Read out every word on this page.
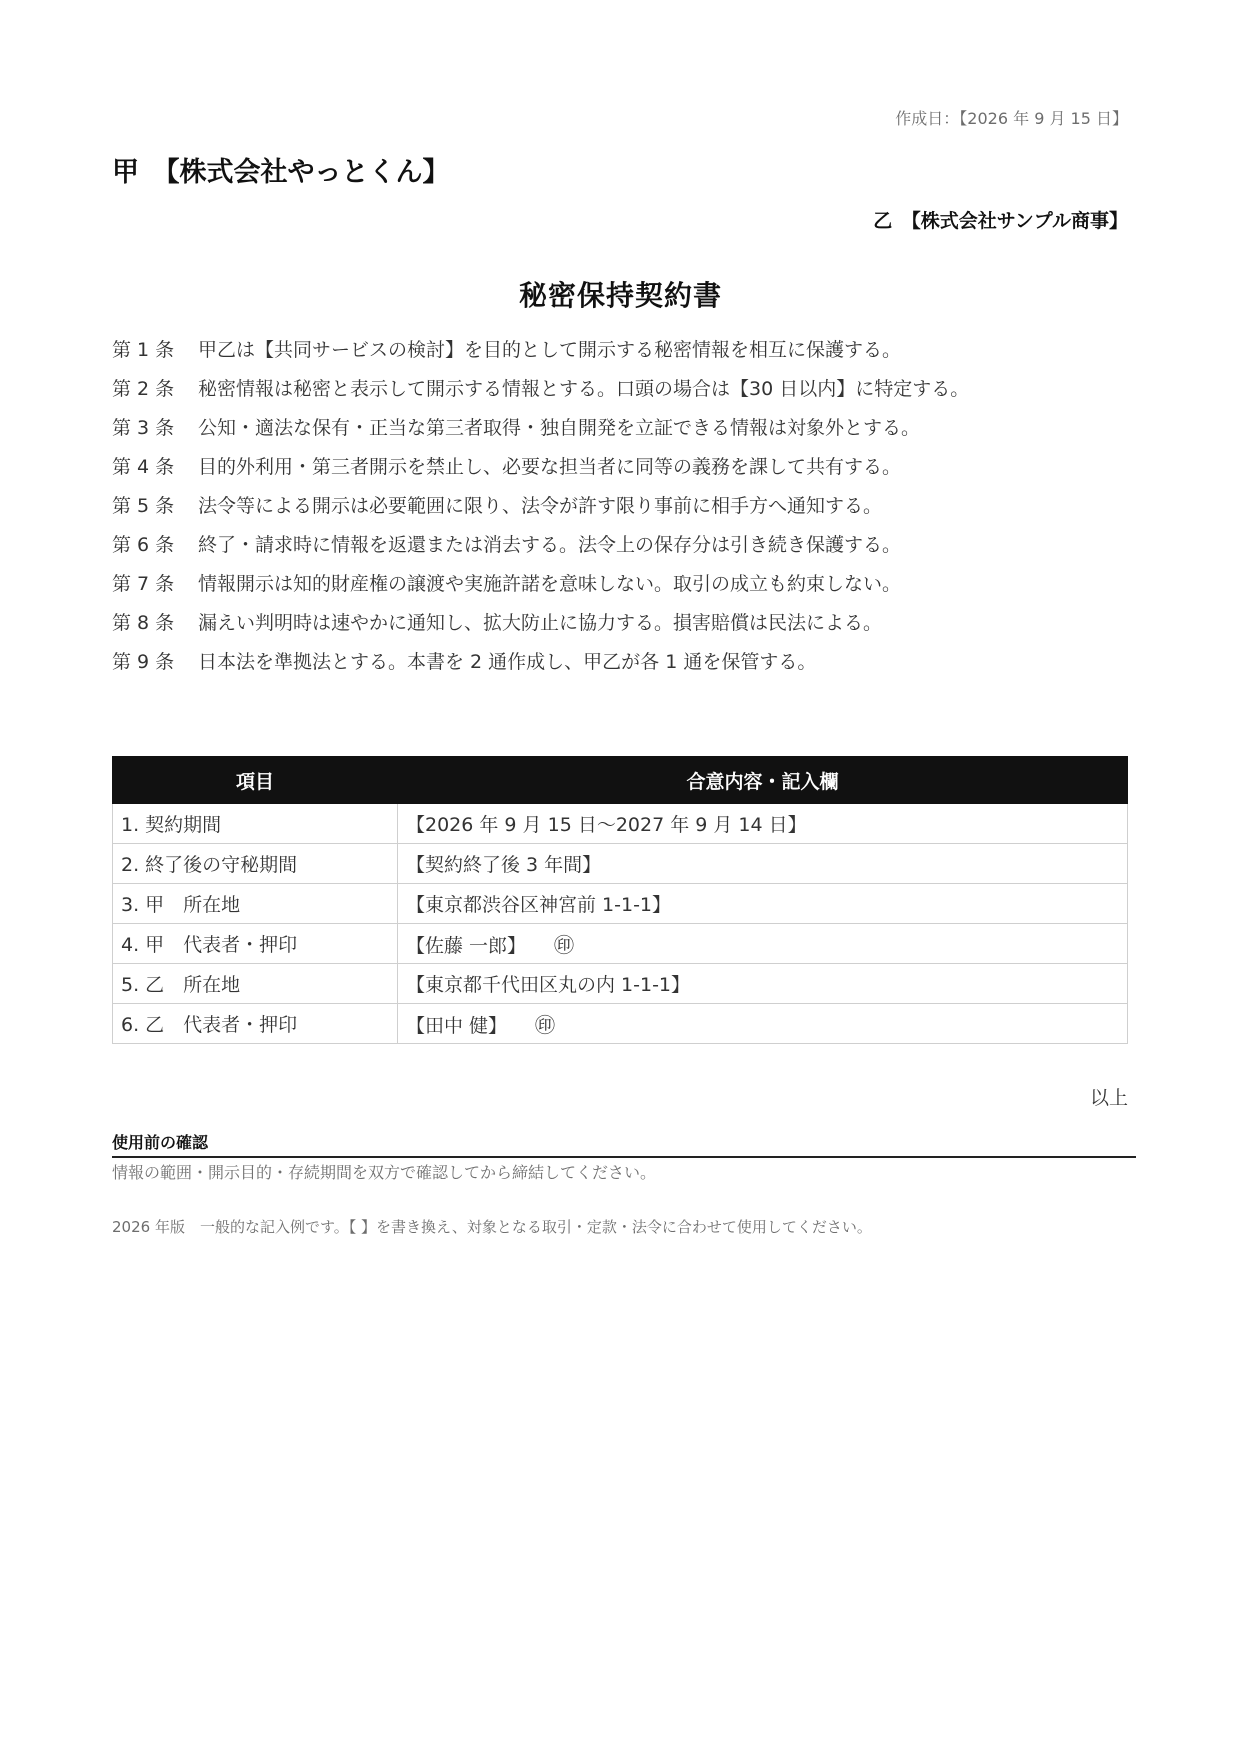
作成日：【2026 年 9 月 15 日】
甲　【株式会社やっとくん】
乙　【株式会社サンプル商事】
秘密保持契約書
第 1 条 甲乙は【共同サービスの検討】を目的として開示する秘密情報を相互に保護する。
第 2 条 秘密情報は秘密と表示して開示する情報とする。口頭の場合は【30 日以内】に特定する。
第 3 条 公知・適法な保有・正当な第三者取得・独自開発を立証できる情報は対象外とする。
第 4 条 目的外利用・第三者開示を禁止し、必要な担当者に同等の義務を課して共有する。
第 5 条 法令等による開示は必要範囲に限り、法令が許す限り事前に相手方へ通知する。
第 6 条 終了・請求時に情報を返還または消去する。法令上の保存分は引き続き保護する。
第 7 条 情報開示は知的財産権の譲渡や実施許諾を意味しない。取引の成立も約束しない。
第 8 条 漏えい判明時は速やかに通知し、拡大防止に協力する。損害賠償は民法による。
第 9 条 日本法を準拠法とする。本書を 2 通作成し、甲乙が各 1 通を保管する。
項目	合意内容・記入欄
1. 契約期間	【2026 年 9 月 15 日～2027 年 9 月 14 日】
2. 終了後の守秘期間	【契約終了後 3 年間】
3. 甲　所在地	【東京都渋谷区神宮前 1-1-1】
4. 甲　代表者・押印	【佐藤 一郎】 ㊞
5. 乙　所在地	【東京都千代田区丸の内 1-1-1】
6. 乙　代表者・押印	【田中 健】 ㊞
以上
使用前の確認
情報の範囲・開示目的・存続期間を双方で確認してから締結してください。
2026 年版　一般的な記入例です。【 】を書き換え、対象となる取引・定款・法令に合わせて使用してください。
